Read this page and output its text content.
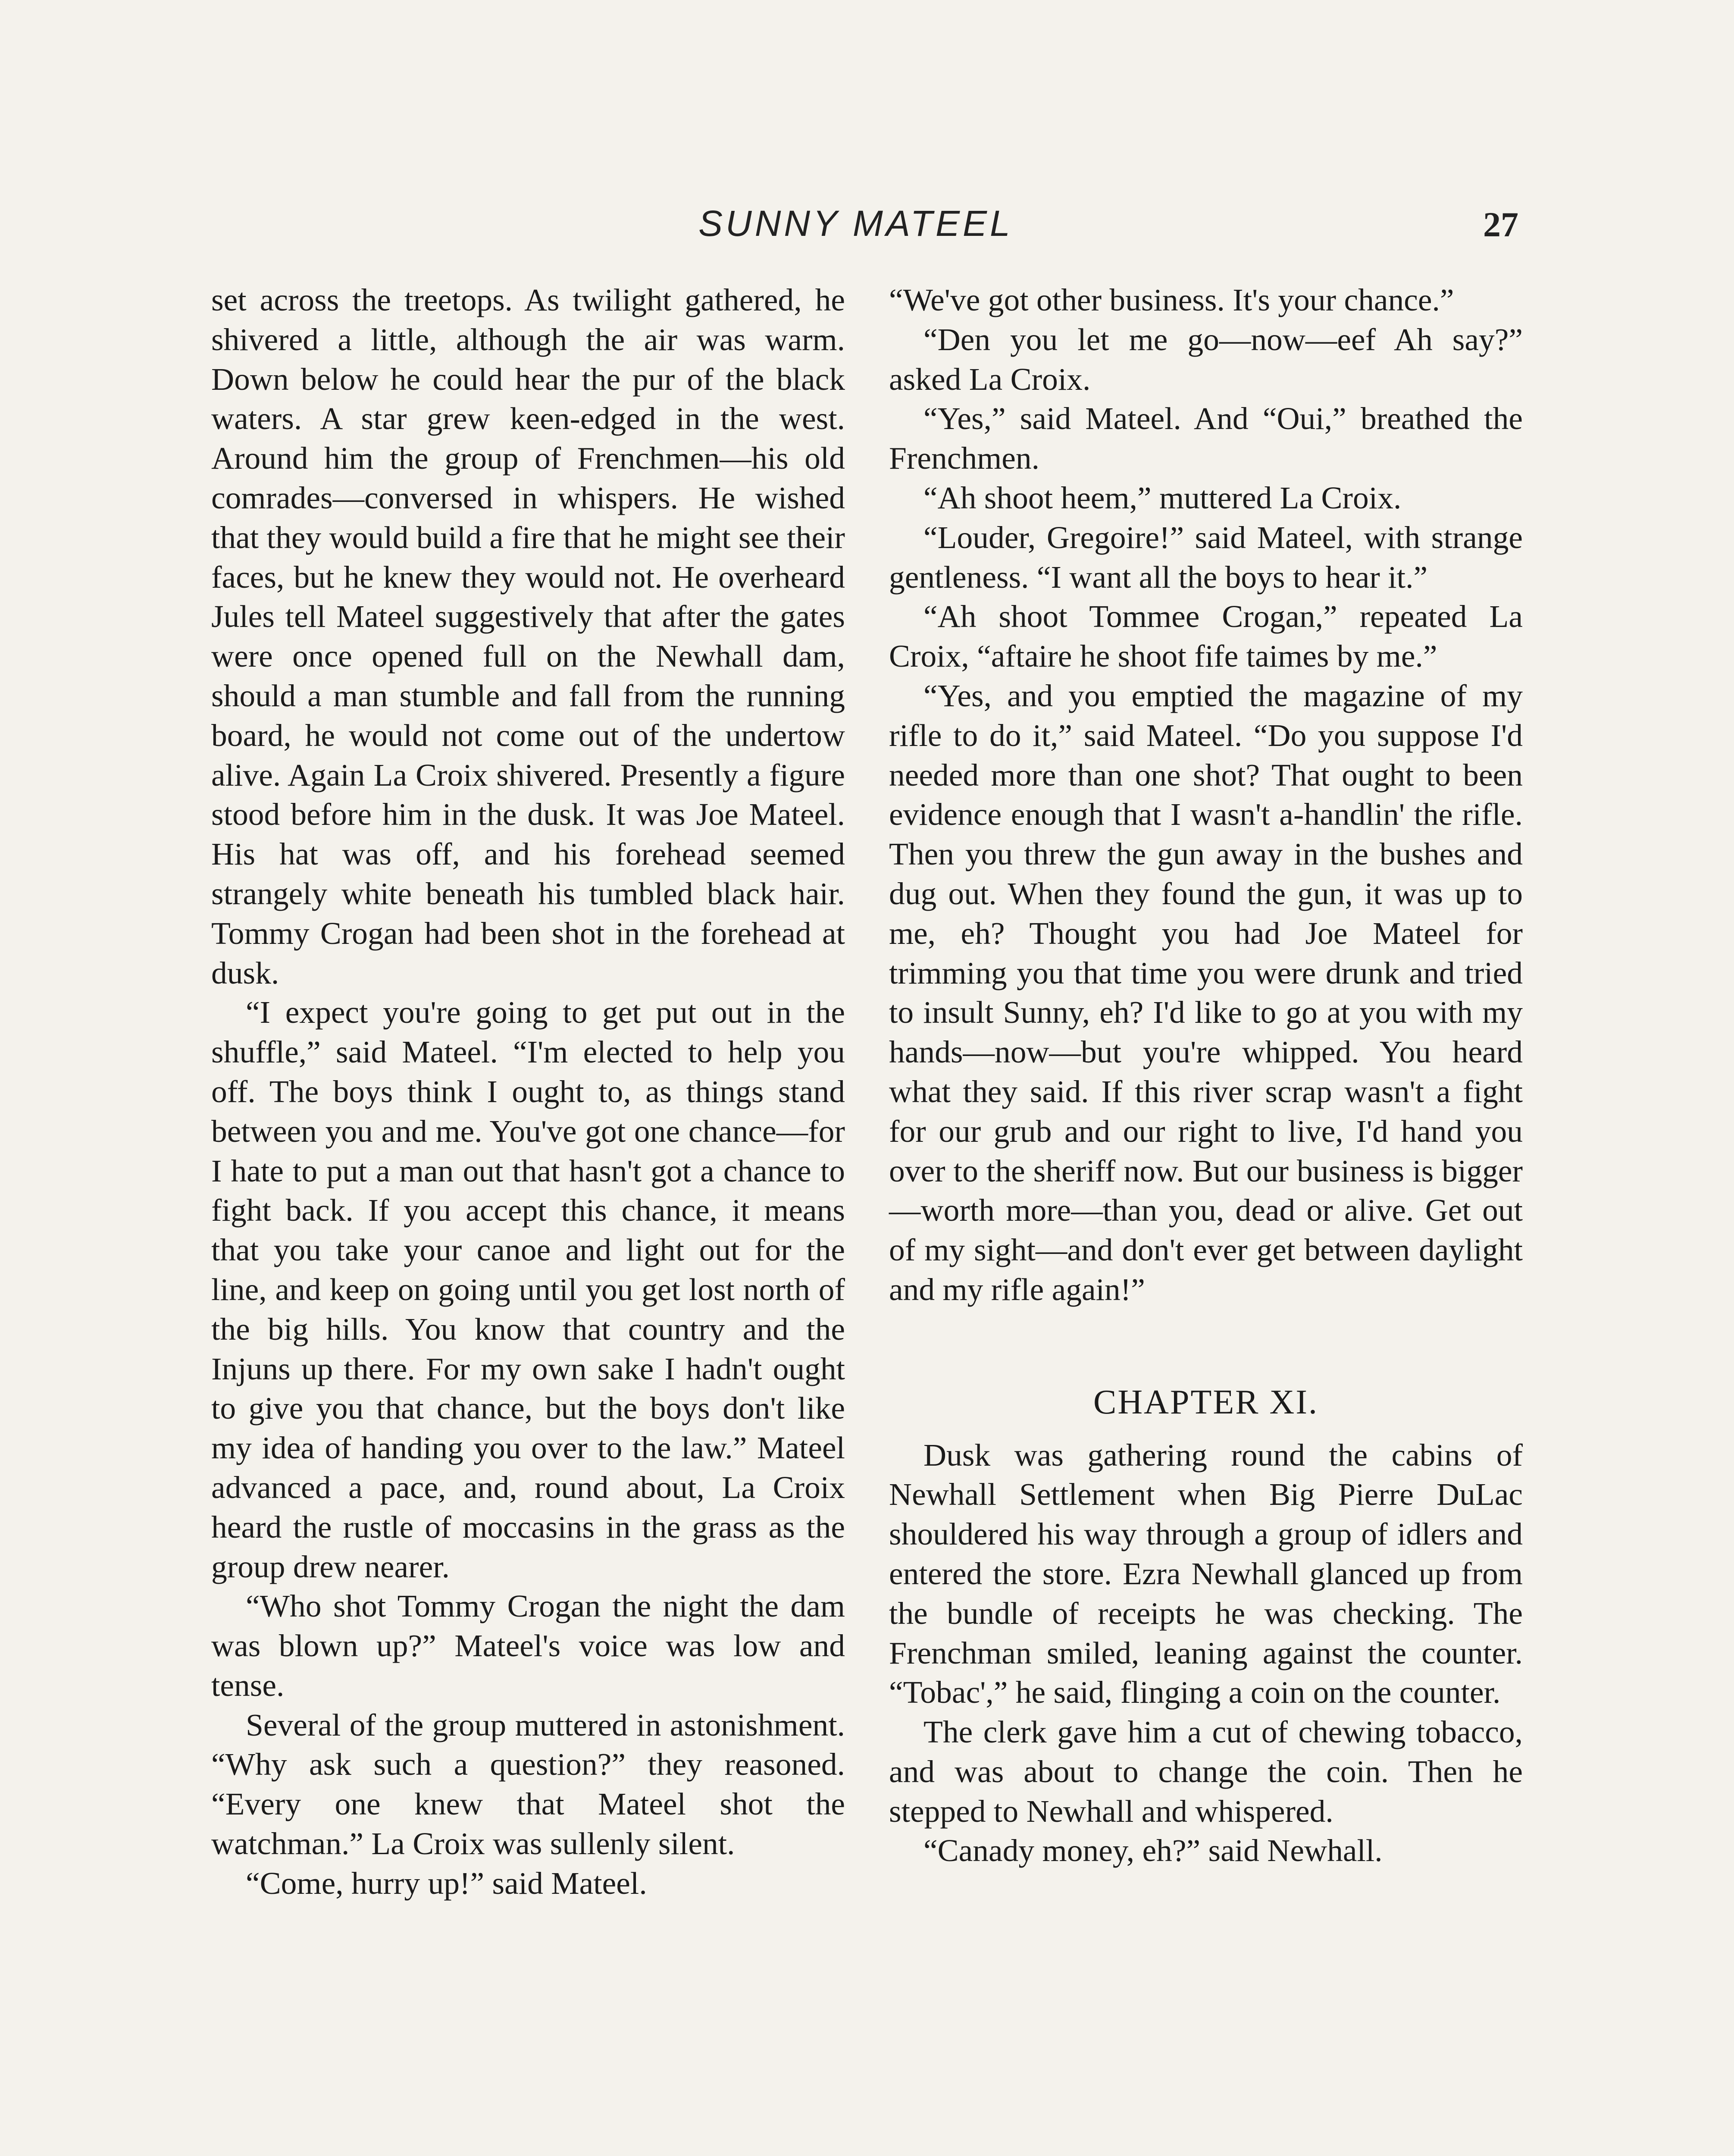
SUNNY MATEEL	27

set across the treetops. As twilight gathered, he shivered a little, although the air was warm. Down below he could hear the pur of the black waters. A star grew keen-edged in the west. Around him the group of Frenchmen—his old comrades—conversed in whispers. He wished that they would build a fire that he might see their faces, but he knew they would not. He overheard Jules tell Mateel suggestively that after the gates were once opened full on the Newhall dam, should a man stumble and fall from the running board, he would not come out of the undertow alive. Again La Croix shivered. Presently a figure stood before him in the dusk. It was Joe Mateel. His hat was off, and his forehead seemed strangely white beneath his tumbled black hair. Tommy Crogan had been shot in the forehead at dusk.

“I expect you're going to get put out in the shuffle,” said Mateel. “I'm elected to help you off. The boys think I ought to, as things stand between you and me. You've got one chance—for I hate to put a man out that hasn't got a chance to fight back. If you accept this chance, it means that you take your canoe and light out for the line, and keep on going until you get lost north of the big hills. You know that country and the Injuns up there. For my own sake I hadn't ought to give you that chance, but the boys don't like my idea of handing you over to the law.” Mateel advanced a pace, and, round about, La Croix heard the rustle of moccasins in the grass as the group drew nearer.

“Who shot Tommy Crogan the night the dam was blown up?” Mateel's voice was low and tense.

Several of the group muttered in astonishment. “Why ask such a question?” they reasoned. “Every one knew that Mateel shot the watchman.” La Croix was sullenly silent.

“Come, hurry up!” said Mateel.

“We've got other business. It's your chance.”

“Den you let me go—now—eef Ah say?” asked La Croix.

“Yes,” said Mateel. And “Oui,” breathed the Frenchmen.

“Ah shoot heem,” muttered La Croix.

“Louder, Gregoire!” said Mateel, with strange gentleness. “I want all the boys to hear it.”

“Ah shoot Tommee Crogan,” repeated La Croix, “aftaire he shoot fife taimes by me.”

“Yes, and you emptied the magazine of my rifle to do it,” said Mateel. “Do you suppose I'd needed more than one shot? That ought to been evidence enough that I wasn't a-handlin' the rifle. Then you threw the gun away in the bushes and dug out. When they found the gun, it was up to me, eh? Thought you had Joe Mateel for trimming you that time you were drunk and tried to insult Sunny, eh? I'd like to go at you with my hands—now—but you're whipped. You heard what they said. If this river scrap wasn't a fight for our grub and our right to live, I'd hand you over to the sheriff now. But our business is bigger—worth more—than you, dead or alive. Get out of my sight—and don't ever get between daylight and my rifle again!”

CHAPTER XI.

Dusk was gathering round the cabins of Newhall Settlement when Big Pierre DuLac shouldered his way through a group of idlers and entered the store. Ezra Newhall glanced up from the bundle of receipts he was checking. The Frenchman smiled, leaning against the counter. “Tobac',” he said, flinging a coin on the counter.

The clerk gave him a cut of chewing tobacco, and was about to change the coin. Then he stepped to Newhall and whispered.

“Canady money, eh?” said Newhall.
